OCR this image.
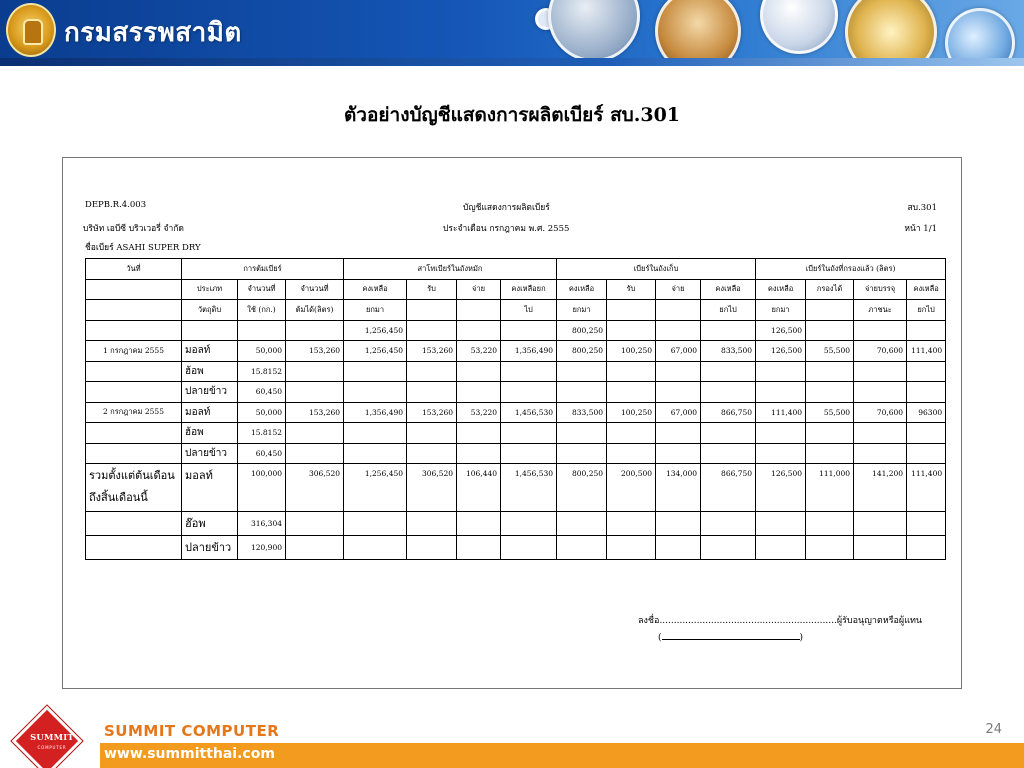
กรมสรรพสามิต
ตัวอย่างบัญชีแสดงการผลิตเบียร์ สบ.301
DEPB.R.4.003
บริษัท เอบีซี บริวเวอรี่ จำกัด
ชื่อเบียร์ ASAHI SUPER DRY
บัญชีแสดงการผลิตเบียร์
ประจำเดือน กรกฎาคม พ.ศ. 2555
สบ.301
หน้า 1/1
วันที่	การต้มเบียร์			สาโทเบียร์ในถังหมัก				เบียร์ในถังเก็บ				เบียร์ในถังที่กรองแล้ว (ลิตร)			
	ประเภท	จำนวนที่	จำนวนที่	คงเหลือ	รับ	จ่าย	คงเหลือยก	คงเหลือ	รับ	จ่าย	คงเหลือ	คงเหลือ	กรองได้	จ่ายบรรจุ	คงเหลือ
	วัตถุดิบ	ใช้ (กก.)	ต้มได้(ลิตร)	ยกมา			ไป	ยกมา			ยกไป	ยกมา		ภาชนะ	ยกไป
				1,256,450				800,250				126,500			
1 กรกฎาคม 2555	มอลท์	50,000	153,260	1,256,450	153,260	53,220	1,356,490	800,250	100,250	67,000	833,500	126,500	55,500	70,600	111,400
	ฮ้อพ	15.8152													
	ปลายข้าว	60,450													
2 กรกฎาคม 2555	มอลท์	50,000	153,260	1,356,490	153,260	53,220	1,456,530	833,500	100,250	67,000	866,750	111,400	55,500	70,600	96300
	ฮ้อพ	15.8152													
	ปลายข้าว	60,450													
รวมตั้งแต่ต้นเดือนถึงสิ้นเดือนนี้	มอลท์	100,000	306,520	1,256,450	306,520	106,440	1,456,530	800,250	200,500	134,000	866,750	126,500	111,000	141,200	111,400
	ฮ๊อพ	316,304													
	ปลายข้าว	120,900													
ลงชื่อ..............................................................ผู้รับอนุญาตหรือผู้แทน
(	)
24
SUMMIT
COMPUTER
SUMMIT COMPUTER
www.summitthai.com
